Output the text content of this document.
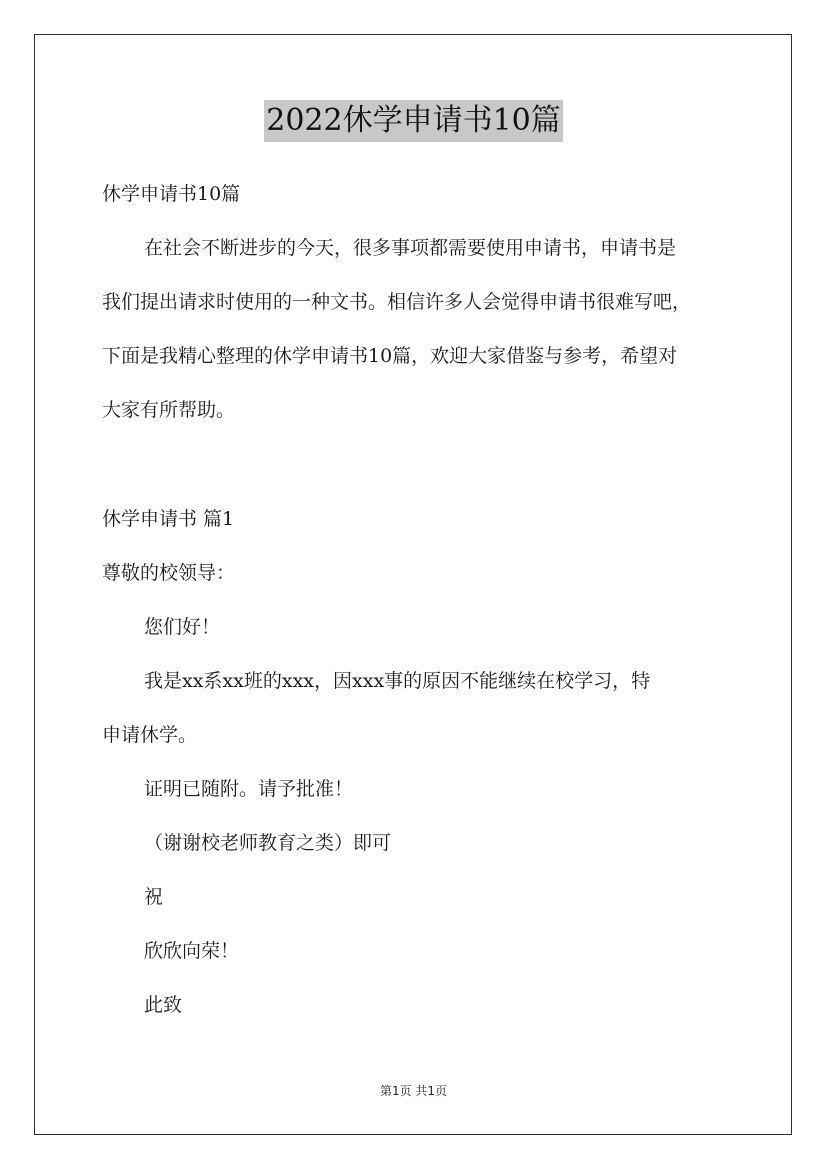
2022休学申请书10篇
休学申请书10篇
在社会不断进步的今天，很多事项都需要使用申请书，申请书是
我们提出请求时使用的一种文书。相信许多人会觉得申请书很难写吧，
下面是我精心整理的休学申请书10篇，欢迎大家借鉴与参考，希望对
大家有所帮助。
休学申请书 篇1
尊敬的校领导：
您们好！
我是xx系xx班的xxx，因xxx事的原因不能继续在校学习，特
申请休学。
证明已随附。请予批准！
（谢谢校老师教育之类）即可
祝
欣欣向荣！
此致
第1页 共1页
